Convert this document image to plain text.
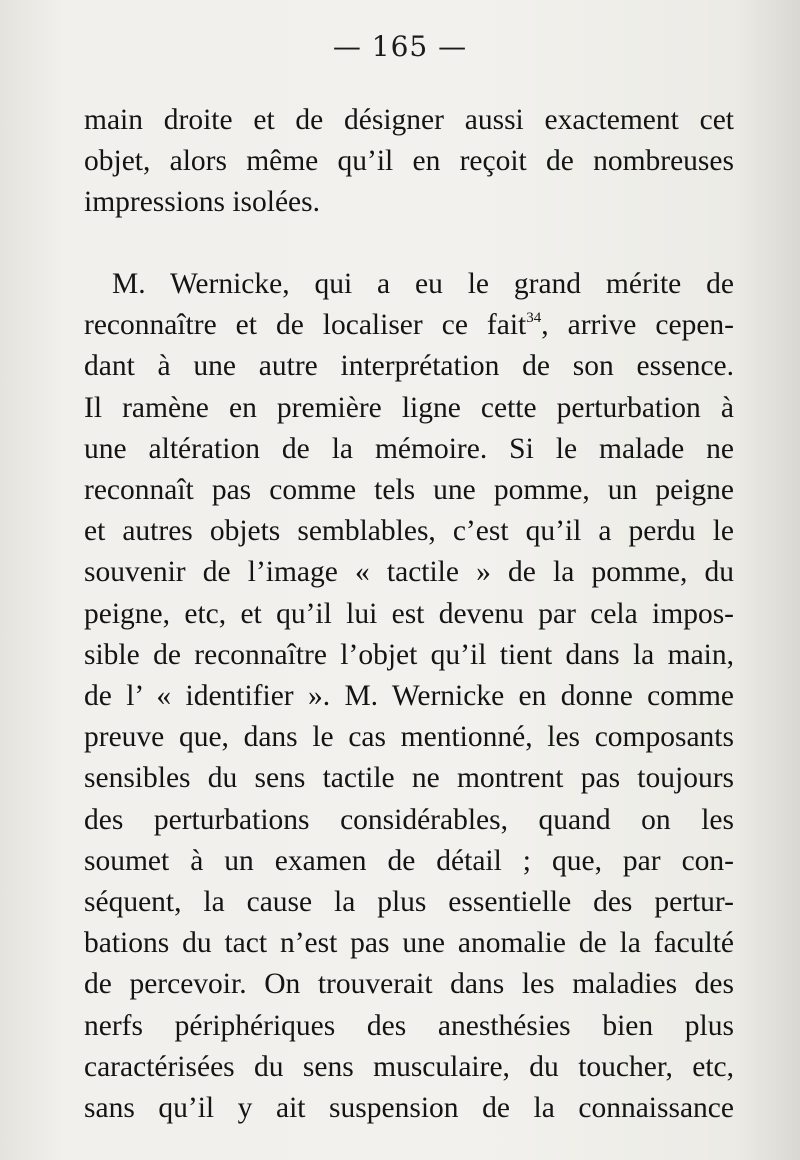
— 165 —
main droite et de désigner aussi exactement cet
objet, alors même qu’il en reçoit de nombreuses
impressions isolées.
M. Wernicke, qui a eu le grand mérite de
reconnaître et de localiser ce fait$^{34}$, arrive cepen-
dant à une autre interprétation de son essence.
Il ramène en première ligne cette perturbation à
une altération de la mémoire. Si le malade ne
reconnaît pas comme tels une pomme, un peigne
et autres objets semblables, c’est qu’il a perdu le
souvenir de l’image « tactile » de la pomme, du
peigne, etc, et qu’il lui est devenu par cela impos-
sible de reconnaître l’objet qu’il tient dans la main,
de l’ « identifier ». M. Wernicke en donne comme
preuve que, dans le cas mentionné, les composants
sensibles du sens tactile ne montrent pas toujours
des perturbations considérables, quand on les
soumet à un examen de détail ; que, par con-
séquent, la cause la plus essentielle des pertur-
bations du tact n’est pas une anomalie de la faculté
de percevoir. On trouverait dans les maladies des
nerfs périphériques des anesthésies bien plus
caractérisées du sens musculaire, du toucher, etc,
sans qu’il y ait suspension de la connaissance
